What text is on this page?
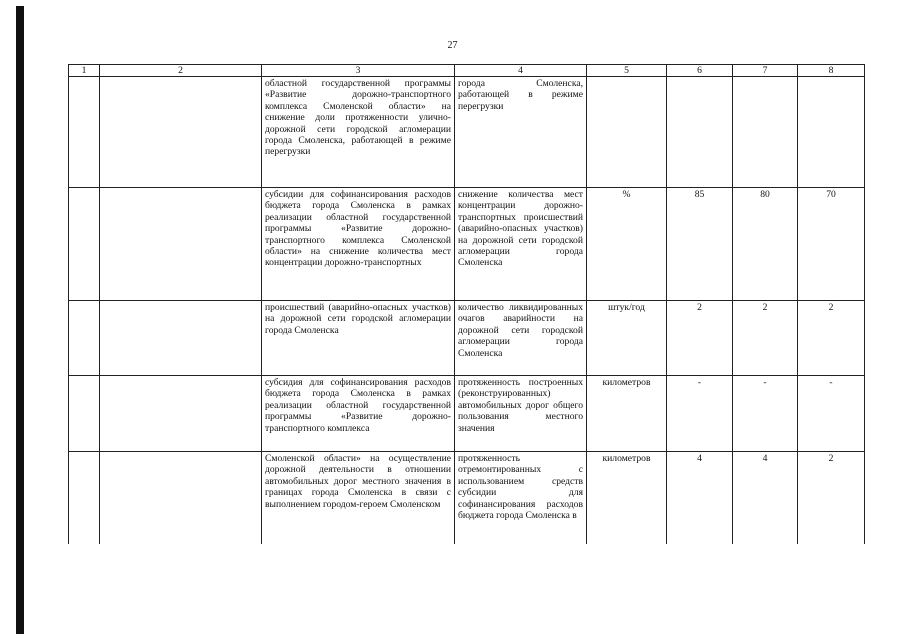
27
1	2	3	4	5	6	7	8
		областной государственной программы «Развитие дорожно-транспортного комплекса Смоленской области» на снижение доли протяженности улично-дорожной сети городской агломерации города Смоленска, работающей в режиме перегрузки	города Смоленска, работающей в режиме перегрузки				
		субсидии для софинансирования расходов бюджета города Смоленска в рамках реализации областной государственной программы «Развитие дорожно-транспортного комплекса Смоленской области» на снижение количества мест концентрации дорожно-транспортных	снижение количества мест концентрации дорожно-транспортных происшествий (аварийно-опасных участков) на дорожной сети городской агломерации города Смоленска	%	85	80	70
		происшествий (аварийно-опасных участков) на дорожной сети городской агломерации города Смоленска	количество ликвидированных очагов аварийности на дорожной сети городской агломерации города Смоленска	штук/год	2	2	2
		субсидия для софинансирования расходов бюджета города Смоленска в рамках реализации областной государственной программы «Развитие дорожно-транспортного комплекса	протяженность построенных (реконструированных) автомобильных дорог общего пользования местного значения	километров	-	-	-
		Смоленской области» на осуществление дорожной деятельности в отношении автомобильных дорог местного значения в границах города Смоленска в связи с выполнением городом-героем Смоленском	протяженность отремонтированных с использованием средств субсидии для софинансирования расходов бюджета города Смоленска в	километров	4	4	2
